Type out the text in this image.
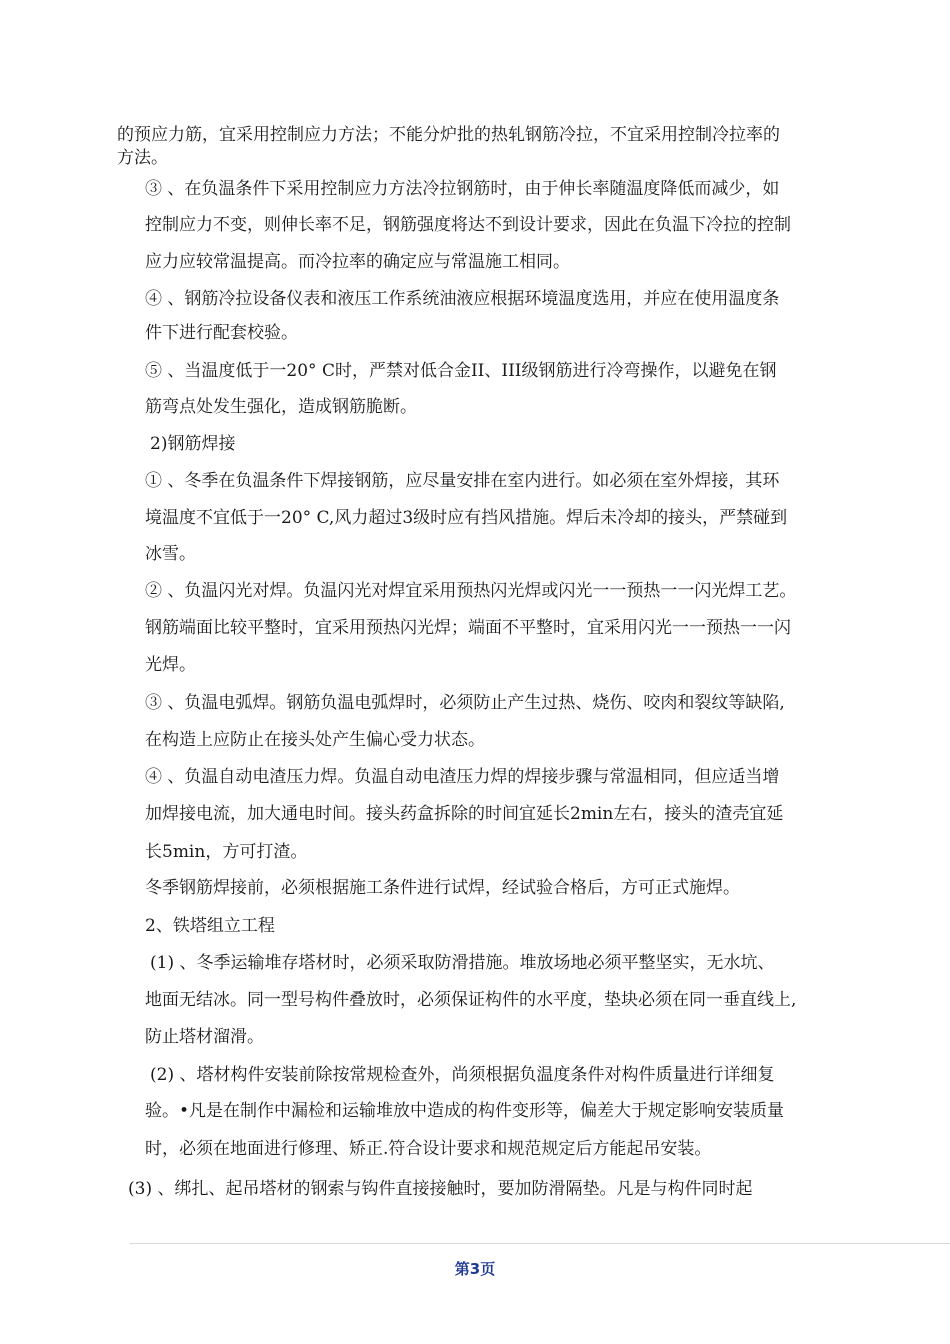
的预应力筋，宜采用控制应力方法；不能分炉批的热轧钢筋冷拉，不宜采用控制冷拉率的
方法。
③ 、在负温条件下采用控制应力方法冷拉钢筋时，由于伸长率随温度降低而减少，如
控制应力不变，则伸长率不足，钢筋强度将达不到设计要求，因此在负温下冷拉的控制
应力应较常温提高。而冷拉率的确定应与常温施工相同。
④ 、钢筋冷拉设备仪表和液压工作系统油液应根据环境温度选用，并应在使用温度条
件下进行配套校验。
⑤ 、当温度低于一20° C时，严禁对低合金II、III级钢筋进行冷弯操作，以避免在钢
筋弯点处发生强化，造成钢筋脆断。
2)钢筋焊接
① 、冬季在负温条件下焊接钢筋，应尽量安排在室内进行。如必须在室外焊接，其环
境温度不宜低于一20° C,风力超过3级时应有挡风措施。焊后未冷却的接头，严禁碰到
冰雪。
② 、负温闪光对焊。负温闪光对焊宜采用预热闪光焊或闪光一一预热一一闪光焊工艺。
钢筋端面比较平整时，宜采用预热闪光焊；端面不平整时，宜采用闪光一一预热一一闪
光焊。
③ 、负温电弧焊。钢筋负温电弧焊时，必须防止产生过热、烧伤、咬肉和裂纹等缺陷,
在构造上应防止在接头处产生偏心受力状态。
④ 、负温自动电渣压力焊。负温自动电渣压力焊的焊接步骤与常温相同，但应适当增
加焊接电流，加大通电时间。接头药盒拆除的时间宜延长2min左右，接头的渣壳宜延
长5min，方可打渣。
冬季钢筋焊接前，必须根据施工条件进行试焊，经试验合格后，方可正式施焊。
2、铁塔组立工程
(1) 、冬季运输堆存塔材时，必须采取防滑措施。堆放场地必须平整坚实，无水坑、
地面无结冰。同一型号构件叠放时，必须保证构件的水平度，垫块必须在同一垂直线上,
防止塔材溜滑。
(2) 、塔材构件安装前除按常规检查外，尚须根据负温度条件对构件质量进行详细复
验。•凡是在制作中漏检和运输堆放中造成的构件变形等，偏差大于规定影响安装质量
时，必须在地面进行修理、矫正.符合设计要求和规范规定后方能起吊安装。
(3) 、绑扎、起吊塔材的钢索与钩件直接接触时，要加防滑隔垫。凡是与构件同时起
第3页
